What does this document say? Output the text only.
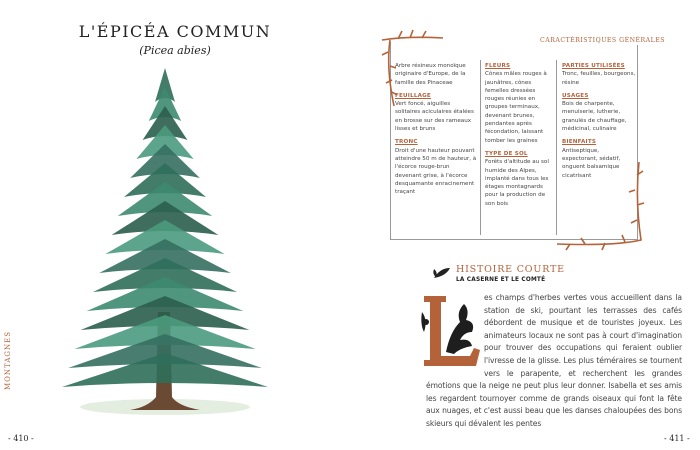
L'ÉPICÉA COMMUN
(Picea abies)
MONTAGNES
- 410 -
CARACTÉRISTIQUES GÉNÉRALES

Arbre résineux monoïque originaire d'Europe, de la famille des Pinaceae

FEUILLAGE

Vert foncé, aiguilles solitaires aciculaires étalées en brosse sur des rameaux lisses et bruns

TRONC

Droit d'une hauteur pouvant atteindre 50 m de hauteur, à l'écorce rouge-brun devenant grise, à l'écorce desquamante enracinement traçant

FLEURS

Cônes mâles rouges à jaunâtres, cônes femelles dressées rouges réunies en groupes terminaux, devenant brunes, pendantes après fécondation, laissant tomber les graines

TYPE DE SOL

Forêts d'altitude au sol humide des Alpes, implanté dans tous les étages montagnards pour la production de son bois

PARTIES UTILISÉES

Tronc, feuilles, bourgeons, résine

USAGES

Bois de charpente, menuiserie, lutherie, granulés de chauffage, médicinal, culinaire

BIENFAITS

Antiseptique, expectorant, sédatif, onguent balsamique cicatrisant

HISTOIRE COURTE
LA CASERNE ET LE COMTÉ
es champs d'herbes vertes vous accueillent dans la station de ski, pourtant les terrasses des cafés débordent de musique et de touristes joyeux. Les animateurs locaux ne sont pas à court d'imagination pour trouver des occupations qui feraient oublier l'ivresse de la glisse. Les plus téméraires se tournent vers le parapente, et recherchent les grandes émotions que la neige ne peut plus leur donner. Isabella et ses amis les regardent tournoyer comme de grands oiseaux qui font la fête aux nuages, et c'est aussi beau que les danses chaloupées des bons skieurs qui dévalent les pentes
- 411 -
